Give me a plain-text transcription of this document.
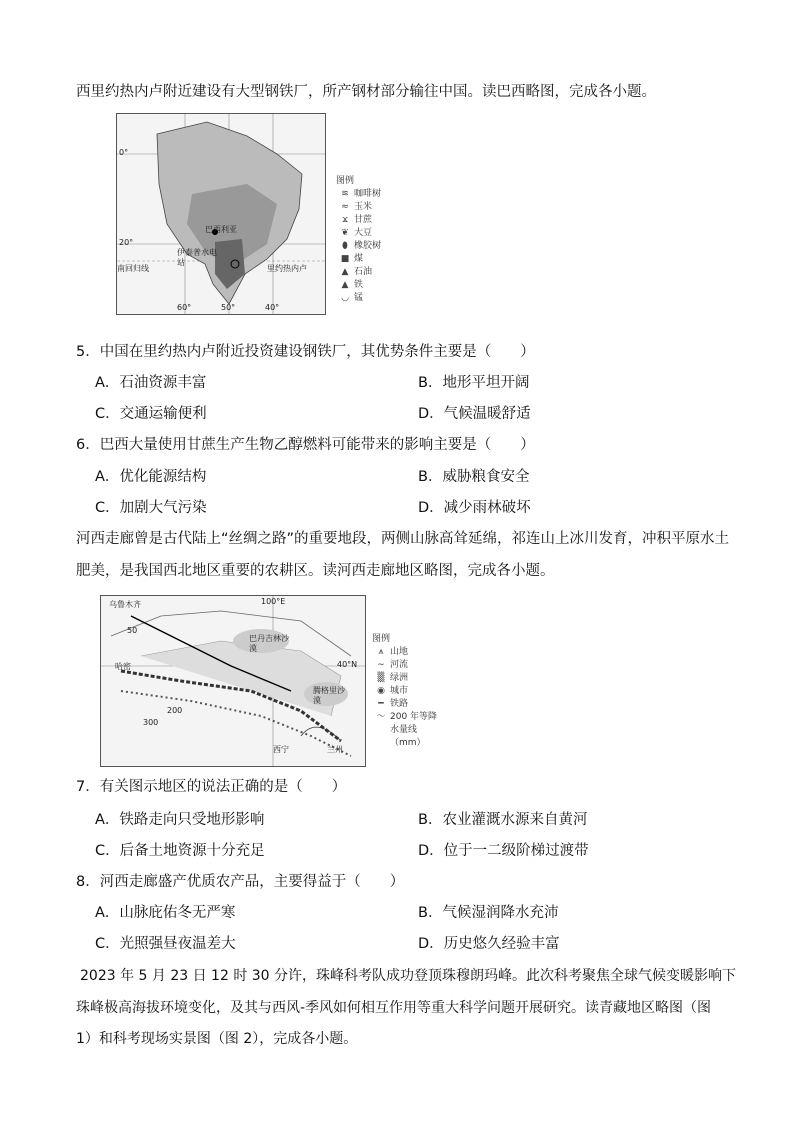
西里约热内卢附近建设有大型钢铁厂，所产钢材部分输往中国。读巴西略图，完成各小题。
0°
20°
南回归线
巴西利亚
里约热内卢
伊泰普水电站
60°	50°	40°
图例
≋ 咖啡树
≈ 玉米
ϫ 甘蔗
❦ 大豆
⬮ 橡胶树
■ 煤
▲ 石油
▲ 铁
◡ 锰
5．中国在里约热内卢附近投资建设钢铁厂，其优势条件主要是（　　）
A．石油资源丰富	B．地形平坦开阔
C．交通运输便利	D．气候温暖舒适
6．巴西大量使用甘蔗生产生物乙醇燃料可能带来的影响主要是（　　）
A．优化能源结构	B．威胁粮食安全
C．加剧大气污染	D．减少雨林破坏
河西走廊曾是古代陆上“丝绸之路”的重要地段，两侧山脉高耸延绵，祁连山上冰川发育，冲积平原水土
肥美，是我国西北地区重要的农耕区。读河西走廊地区略图，完成各小题。
乌鲁木齐	100°E
50
巴丹吉林沙漠
40°N
哈密
腾格里沙漠
300
西宁	兰州
200
图例
⩚ 山地
∼ 河流
▒ 绿洲
◉ 城市
━ 铁路
～ 200 年等降
水量线
（mm）
7．有关图示地区的说法正确的是（　　）
A．铁路走向只受地形影响	B．农业灌溉水源来自黄河
C．后备土地资源十分充足	D．位于一二级阶梯过渡带
8．河西走廊盛产优质农产品，主要得益于（　　）
A．山脉庇佑冬无严寒	B．气候湿润降水充沛
C．光照强昼夜温差大	D．历史悠久经验丰富
2023 年 5 月 23 日 12 时 30 分许，珠峰科考队成功登顶珠穆朗玛峰。此次科考聚焦全球气候变暖影响下
珠峰极高海拔环境变化，及其与西风-季风如何相互作用等重大科学问题开展研究。读青藏地区略图（图
1）和科考现场实景图（图 2），完成各小题。
